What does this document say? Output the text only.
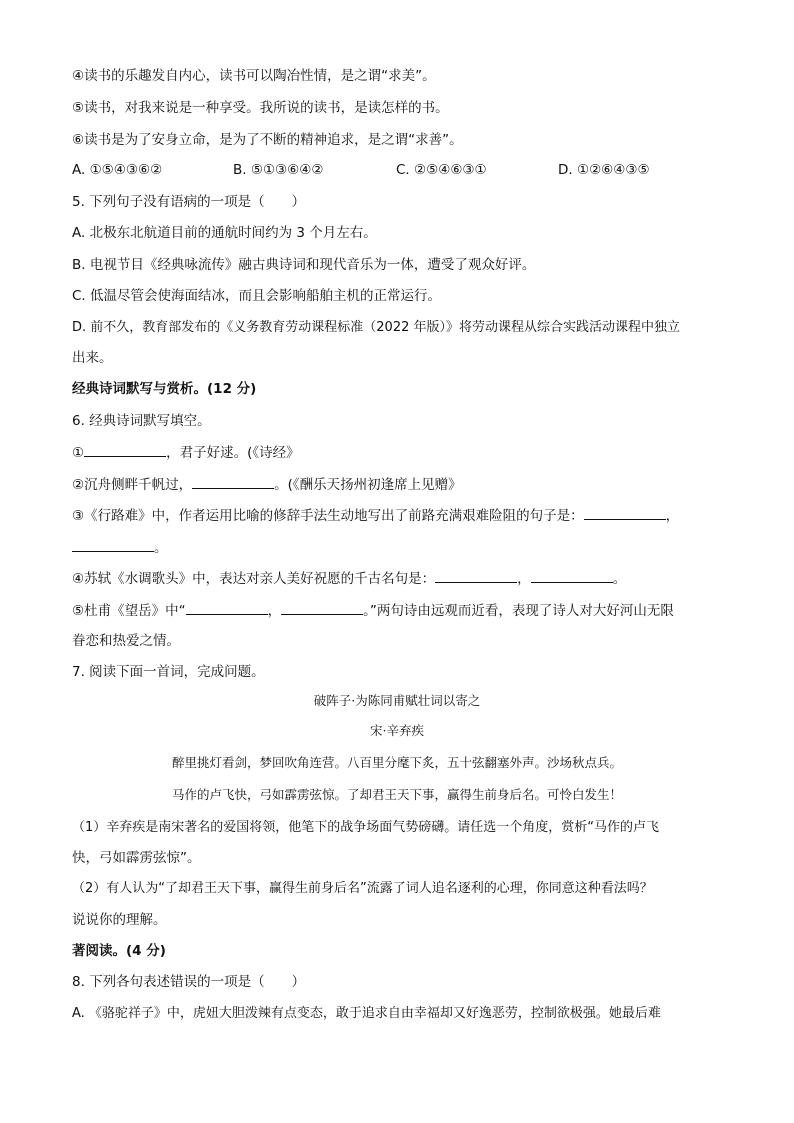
④读书的乐趣发自内心，读书可以陶冶性情，是之谓“求美”。
⑤读书，对我来说是一种享受。我所说的读书，是读怎样的书。
⑥读书是为了安身立命，是为了不断的精神追求，是之谓“求善”。
A. ①⑤④③⑥②	B. ⑤①③⑥④②	C. ②⑤④⑥③①	D. ①②⑥④③⑤
5. 下列句子没有语病的一项是（　　）
A. 北极东北航道目前的通航时间约为 3 个月左右。
B. 电视节目《经典咏流传》融古典诗词和现代音乐为一体，遭受了观众好评。
C. 低温尽管会使海面结冰，而且会影响船舶主机的正常运行。
D. 前不久，教育部发布的《义务教育劳动课程标准（2022 年版）》将劳动课程从综合实践活动课程中独立
出来。
经典诗词默写与赏析。(12 分)
6. 经典诗词默写填空。
①	，君子好逑。(《诗经》
②沉舟侧畔千帆过，	。(《酬乐天扬州初逢席上见赠》
③《行路难》中，作者运用比喻的修辞手法生动地写出了前路充满艰难险阻的句子是：	，
。
④苏轼《水调歌头》中，表达对亲人美好祝愿的千古名句是：	，	。
⑤杜甫《望岳》中“	，	。”两句诗由远观而近看，表现了诗人对大好河山无限
眷恋和热爱之情。
7. 阅读下面一首词，完成问题。
破阵子·为陈同甫赋壮词以寄之
宋·辛弃疾
醉里挑灯看剑，梦回吹角连营。八百里分麾下炙，五十弦翻塞外声。沙场秋点兵。
马作的卢飞快，弓如霹雳弦惊。了却君王天下事，赢得生前身后名。可怜白发生！
（1）辛弃疾是南宋著名的爱国将领，他笔下的战争场面气势磅礴。请任选一个角度，赏析“马作的卢飞
快，弓如霹雳弦惊”。
（2）有人认为“了却君王天下事，赢得生前身后名”流露了词人追名逐利的心理，你同意这种看法吗？
说说你的理解。
著阅读。(4 分)
8. 下列各句表述错误的一项是（　　）
A. 《骆驼祥子》中，虎妞大胆泼辣有点变态，敢于追求自由幸福却又好逸恶劳，控制欲极强。她最后难
